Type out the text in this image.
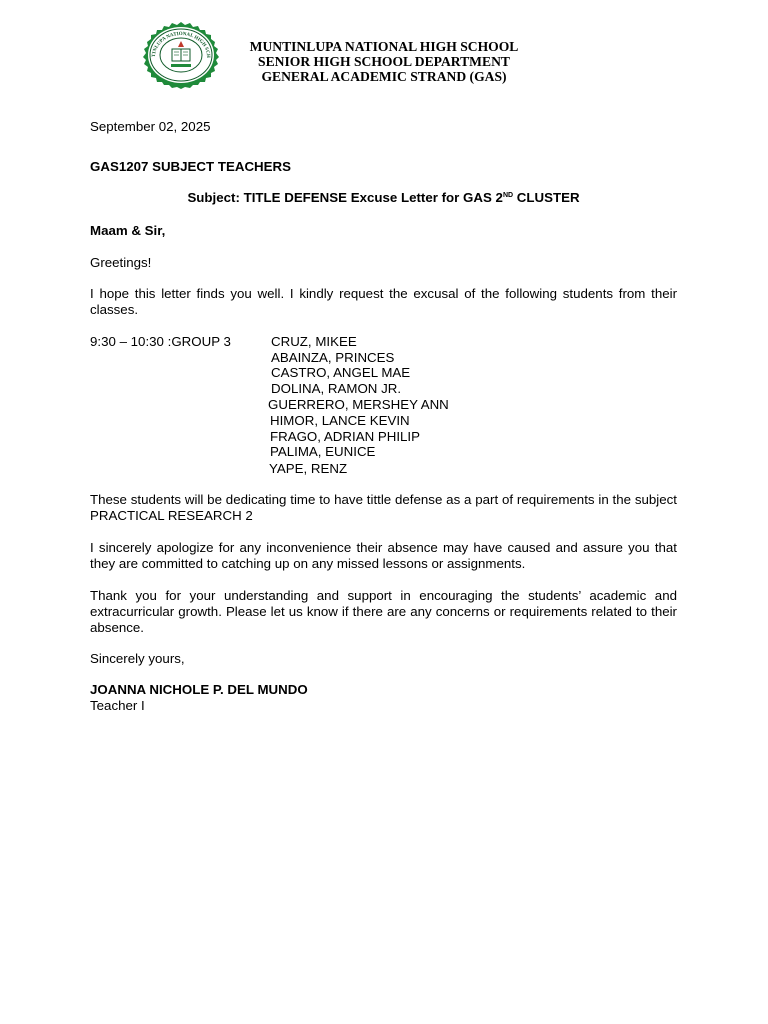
TINLUPA NATIONAL HIGH SCH
MUNTINLUPA NATIONAL HIGH SCHOOL
SENIOR HIGH SCHOOL DEPARTMENT
GENERAL ACADEMIC STRAND (GAS)
September 02, 2025
GAS1207 SUBJECT TEACHERS
Subject: TITLE DEFENSE Excuse Letter for GAS 2ND CLUSTER
Maam & Sir,
Greetings!
I hope this letter finds you well. I kindly request the excusal of the following students from their classes.
9:30 – 10:30 :GROUP 3	CRUZ, MIKEE
ABAINZA, PRINCES
CASTRO, ANGEL MAE
DOLINA, RAMON JR.
GUERRERO, MERSHEY ANN
HIMOR, LANCE KEVIN
FRAGO, ADRIAN PHILIP
PALIMA, EUNICE
YAPE, RENZ
These students will be dedicating time to have tittle defense as a part of requirements in the subject PRACTICAL RESEARCH 2
I sincerely apologize for any inconvenience their absence may have caused and assure you that they are committed to catching up on any missed lessons or assignments.
Thank you for your understanding and support in encouraging the students’ academic and extracurricular growth. Please let us know if there are any concerns or requirements related to their absence.
Sincerely yours,
JOANNA NICHOLE P. DEL MUNDO
Teacher I
